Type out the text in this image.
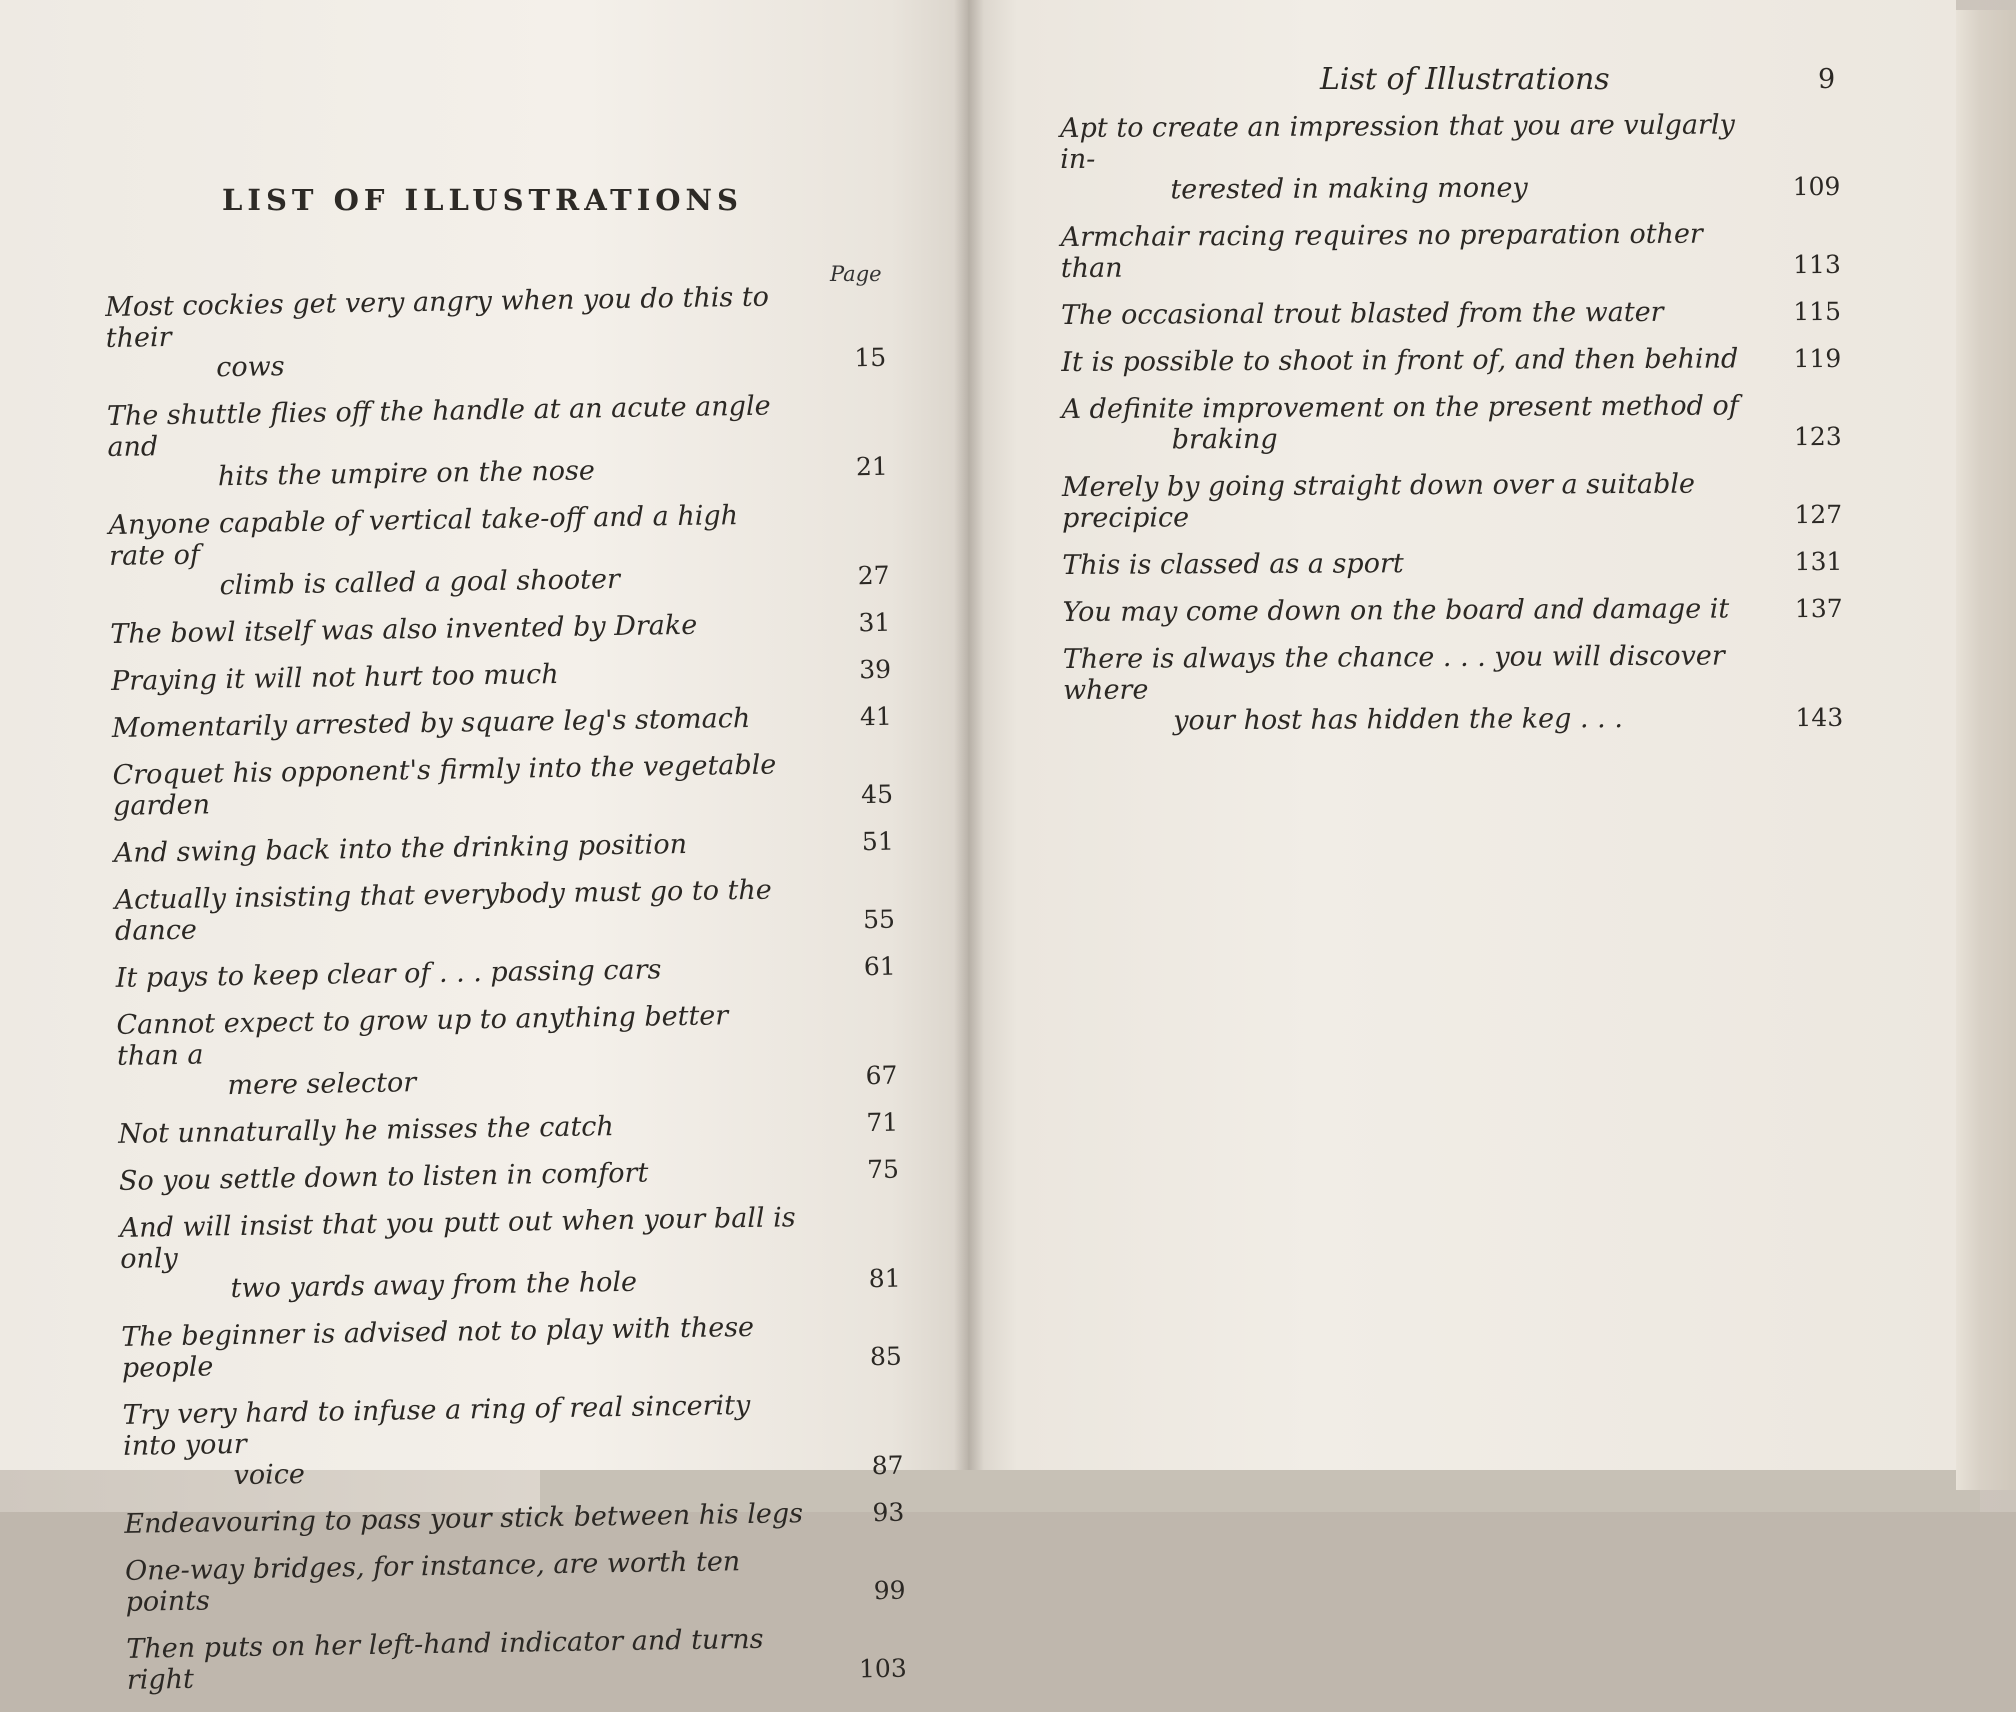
LIST OF ILLUSTRATIONS
Page
Most cockies get very angry when you do this to their
cows	15
The shuttle flies off the handle at an acute angle and
hits the umpire on the nose	21
Anyone capable of vertical take-off and a high rate of
climb is called a goal shooter	27
The bowl itself was also invented by Drake	31
Praying it will not hurt too much	39
Momentarily arrested by square leg's stomach	41
Croquet his opponent's firmly into the vegetable garden	45
And swing back into the drinking position	51
Actually insisting that everybody must go to the dance	55
It pays to keep clear of . . . passing cars	61
Cannot expect to grow up to anything better than a
mere selector	67
Not unnaturally he misses the catch	71
So you settle down to listen in comfort	75
And will insist that you putt out when your ball is only
two yards away from the hole	81
The beginner is advised not to play with these people	85
Try very hard to infuse a ring of real sincerity into your
voice	87
Endeavouring to pass your stick between his legs	93
One-way bridges, for instance, are worth ten points	99
Then puts on her left-hand indicator and turns right	103
List of Illustrations	9
Apt to create an impression that you are vulgarly in-
terested in making money	109
Armchair racing requires no preparation other than	113
The occasional trout blasted from the water	115
It is possible to shoot in front of, and then behind	119
A definite improvement on the present method of
braking	123
Merely by going straight down over a suitable precipice	127
This is classed as a sport	131
You may come down on the board and damage it	137
There is always the chance . . . you will discover where
your host has hidden the keg . . .	143
